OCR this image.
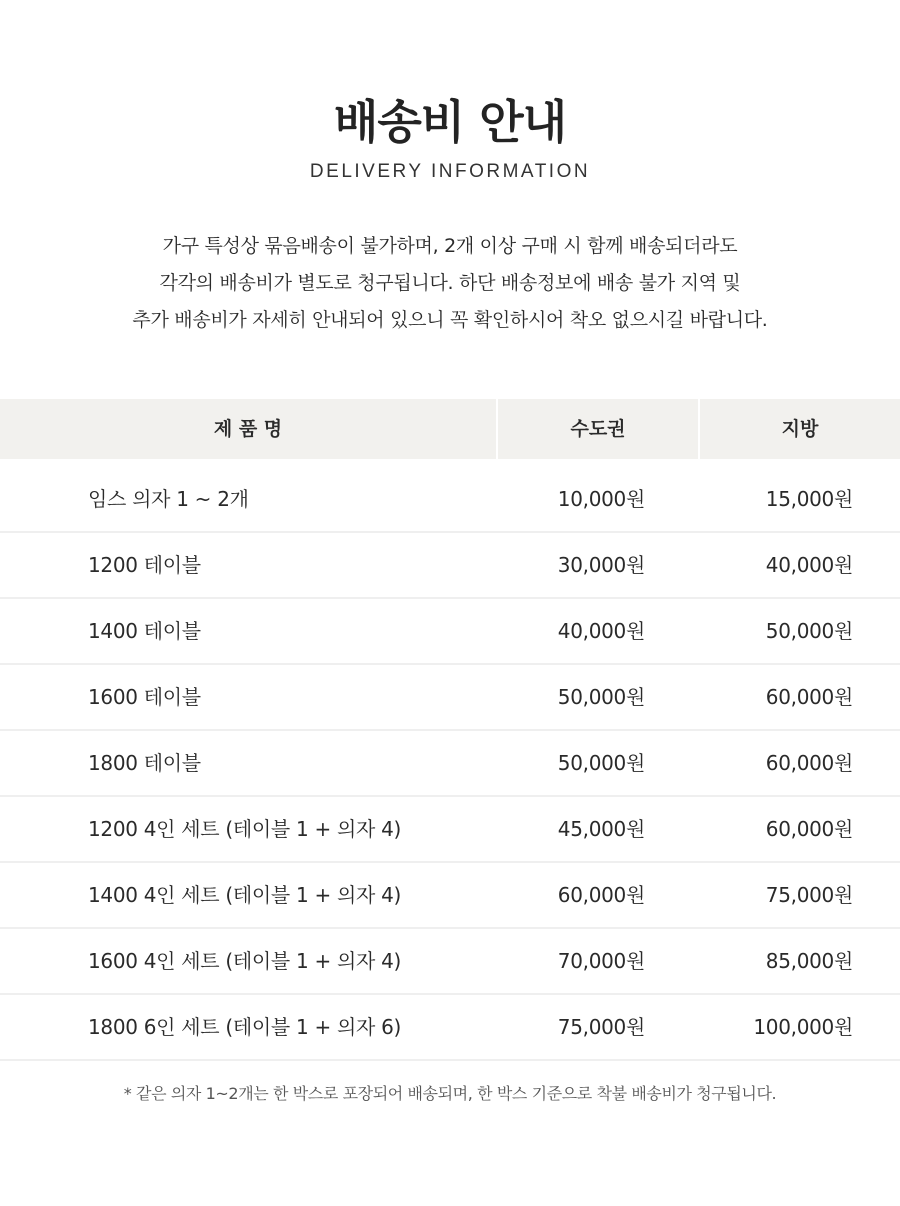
배송비 안내
DELIVERY INFORMATION
가구 특성상 묶음배송이 불가하며, 2개 이상 구매 시 함께 배송되더라도
각각의 배송비가 별도로 청구됩니다. 하단 배송정보에 배송 불가 지역 및
추가 배송비가 자세히 안내되어 있으니 꼭 확인하시어 착오 없으시길 바랍니다.
제 품 명	수도권	지방
임스 의자 1 ~ 2개	10,000원	15,000원
1200 테이블	30,000원	40,000원
1400 테이블	40,000원	50,000원
1600 테이블	50,000원	60,000원
1800 테이블	50,000원	60,000원
1200 4인 세트 (테이블 1 + 의자 4)	45,000원	60,000원
1400 4인 세트 (테이블 1 + 의자 4)	60,000원	75,000원
1600 4인 세트 (테이블 1 + 의자 4)	70,000원	85,000원
1800 6인 세트 (테이블 1 + 의자 6)	75,000원	100,000원
* 같은 의자 1~2개는 한 박스로 포장되어 배송되며, 한 박스 기준으로 착불 배송비가 청구됩니다.
